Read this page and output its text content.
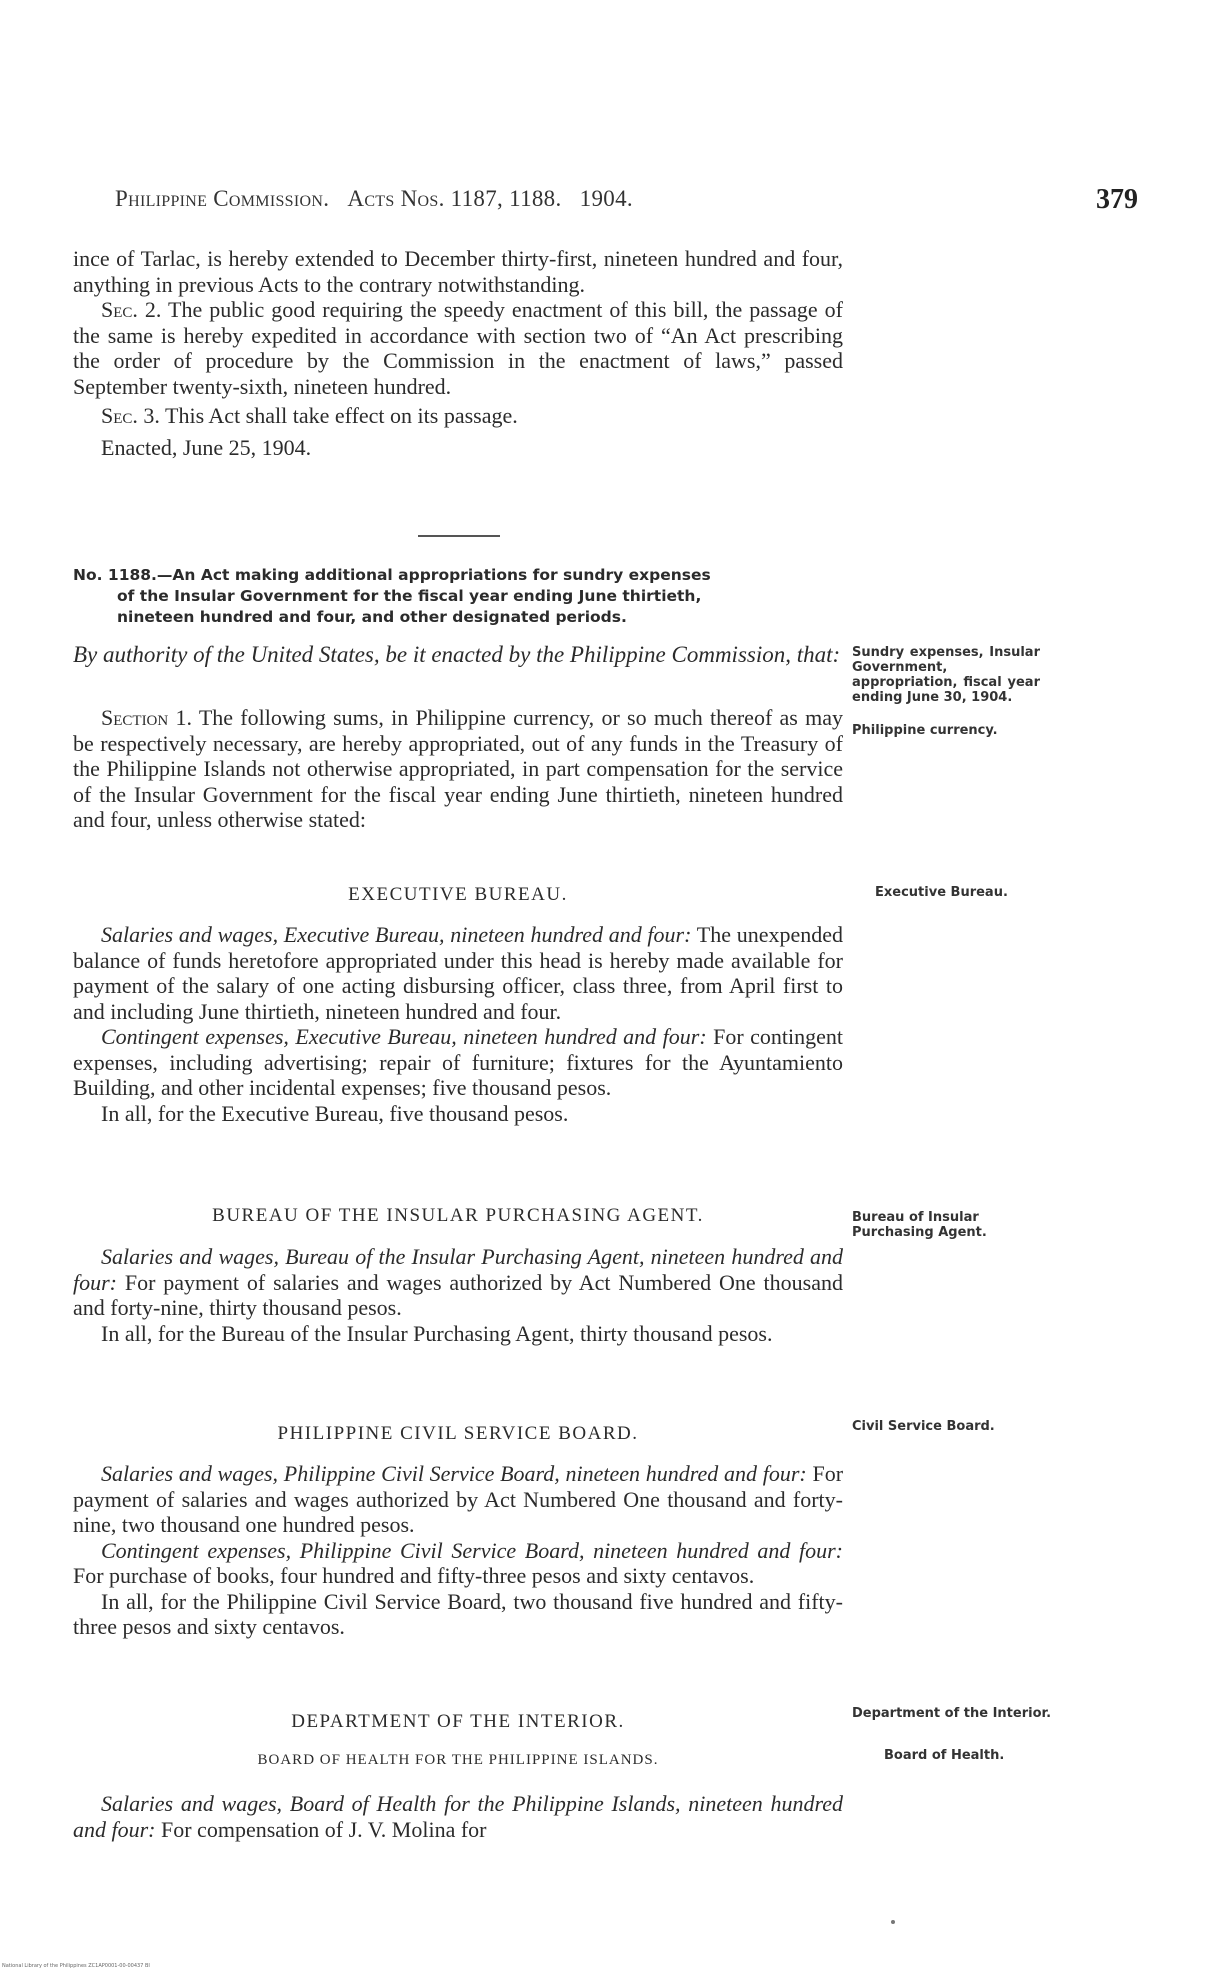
Philippine Commission. Acts Nos. 1187, 1188. 1904.	379

ince of Tarlac, is hereby extended to December thirty-first, nineteen hundred and four, anything in previous Acts to the contrary notwithstanding.

Sec. 2. The public good requiring the speedy enactment of this bill, the passage of the same is hereby expedited in accordance with section two of “An Act prescribing the order of procedure by the Commission in the enactment of laws,” passed September twenty-sixth, nineteen hundred.

Sec. 3. This Act shall take effect on its passage.

Enacted, June 25, 1904.

No. 1188.—An Act making additional appropriations for sundry expenses
of the Insular Government for the fiscal year ending June thirtieth,
nineteen hundred and four, and other designated periods.
By authority of the United States, be it enacted by the Philippine Commission, that:

Section 1. The following sums, in Philippine currency, or so much thereof as may be respectively necessary, are hereby appropriated, out of any funds in the Treasury of the Philippine Islands not otherwise appropriated, in part compensation for the service of the Insular Government for the fiscal year ending June thirtieth, nineteen hundred and four, unless otherwise stated:

EXECUTIVE BUREAU.

Salaries and wages, Executive Bureau, nineteen hundred and four: The unexpended balance of funds heretofore appropriated under this head is hereby made available for payment of the salary of one acting disbursing officer, class three, from April first to and including June thirtieth, nineteen hundred and four.

Contingent expenses, Executive Bureau, nineteen hundred and four: For contingent expenses, including advertising; repair of furniture; fixtures for the Ayuntamiento Building, and other incidental expenses; five thousand pesos.

In all, for the Executive Bureau, five thousand pesos.

BUREAU OF THE INSULAR PURCHASING AGENT.

Salaries and wages, Bureau of the Insular Purchasing Agent, nineteen hundred and four: For payment of salaries and wages authorized by Act Numbered One thousand and forty-nine, thirty thousand pesos.

In all, for the Bureau of the Insular Purchasing Agent, thirty thousand pesos.

PHILIPPINE CIVIL SERVICE BOARD.

Salaries and wages, Philippine Civil Service Board, nineteen hundred and four: For payment of salaries and wages authorized by Act Numbered One thousand and forty-nine, two thousand one hundred pesos.

Contingent expenses, Philippine Civil Service Board, nineteen hundred and four: For purchase of books, four hundred and fifty-three pesos and sixty centavos.

In all, for the Philippine Civil Service Board, two thousand five hundred and fifty-three pesos and sixty centavos.

DEPARTMENT OF THE INTERIOR.
BOARD OF HEALTH FOR THE PHILIPPINE ISLANDS.

Salaries and wages, Board of Health for the Philippine Islands, nineteen hundred and four: For compensation of J. V. Molina for

Sundry expenses, Insular Government, appropriation, fiscal year ending June 30, 1904.
Philippine currency.
Executive Bureau.
Bureau of Insular Purchasing Agent.
Civil Service Board.
Department of the Interior.
Board of Health.
National Library of the Philippines ZC1AP0001-00-00437 BI
